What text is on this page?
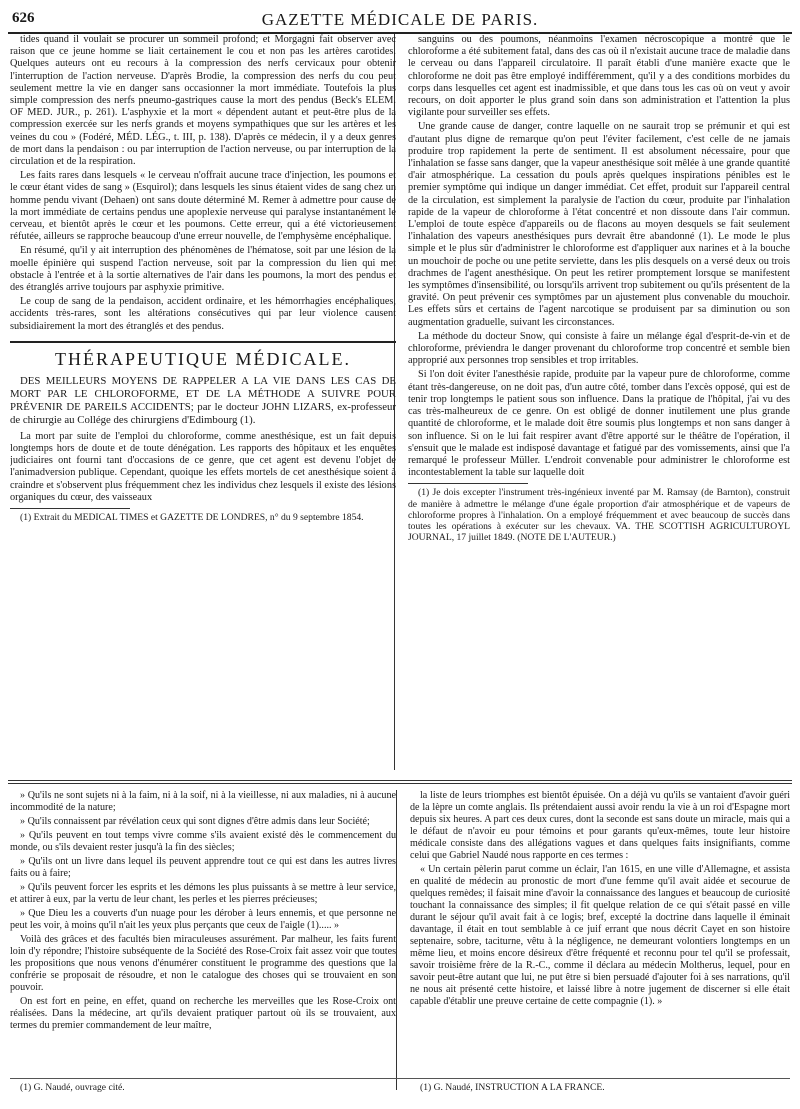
626	GAZETTE MÉDICALE DE PARIS.

tides quand il voulait se procurer un sommeil profond; et Morgagni fait observer avec raison que ce jeune homme se liait certainement le cou et non pas les artères carotides. Quelques auteurs ont eu recours à la compression des nerfs cervicaux pour obtenir l'interruption de l'action nerveuse. D'après Brodie, la compression des nerfs du cou peut seulement mettre la vie en danger sans occasionner la mort immédiate. Toutefois la plus simple compression des nerfs pneumo-gastriques cause la mort des pendus (Beck's ELEM. OF MED. JUR., p. 261). L'asphyxie et la mort « dépendent autant et peut-être plus de la compression exercée sur les nerfs grands et moyens sympathiques que sur les artères et les veines du cou » (Fodéré, MÉD. LÉG., t. III, p. 138). D'après ce médecin, il y a deux genres de mort dans la pendaison : ou par interruption de l'action nerveuse, ou par interruption de la circulation et de la respiration.

Les faits rares dans lesquels « le cerveau n'offrait aucune trace d'injection, les poumons et le cœur étant vides de sang » (Esquirol); dans lesquels les sinus étaient vides de sang chez un homme pendu vivant (Dehaen) ont sans doute déterminé M. Remer à admettre pour cause de la mort immédiate de certains pendus une apoplexie nerveuse qui paralyse instantanément le cerveau, et bientôt après le cœur et les poumons. Cette erreur, qui a été victorieusement réfutée, ailleurs se rapproche beaucoup d'une erreur nouvelle, de l'emphysème encéphalique.

En résumé, qu'il y ait interruption des phénomènes de l'hématose, soit par une lésion de la moelle épinière qui suspend l'action nerveuse, soit par la compression du lien qui met obstacle à l'entrée et à la sortie alternatives de l'air dans les poumons, la mort des pendus et des étranglés arrive toujours par asphyxie primitive.

Le coup de sang de la pendaison, accident ordinaire, et les hémorrhagies encéphaliques, accidents très-rares, sont les altérations consécutives qui par leur violence causent subsidiairement la mort des étranglés et des pendus.

THÉRAPEUTIQUE MÉDICALE.
DES MEILLEURS MOYENS DE RAPPELER A LA VIE DANS LES CAS DE MORT PAR LE CHLOROFORME, ET DE LA MÉTHODE A SUIVRE POUR PRÉVENIR DE PAREILS ACCIDENTS; par le docteur JOHN LIZARS, ex-professeur de chirurgie au Collége des chirurgiens d'Edimbourg (1).

La mort par suite de l'emploi du chloroforme, comme anesthésique, est un fait depuis longtemps hors de doute et de toute dénégation. Les rapports des hôpitaux et les enquêtes judiciaires ont fourni tant d'occasions de ce genre, que cet agent est devenu l'objet de l'animadversion publique. Cependant, quoique les effets mortels de cet anesthésique soient à craindre et s'observent plus fréquemment chez les individus chez lesquels il existe des lésions organiques du cœur, des vaisseaux

(1) Extrait du MEDICAL TIMES et GAZETTE DE LONDRES, n° du 9 septembre 1854.

sanguins ou des poumons, néanmoins l'examen nécroscopique a montré que le chloroforme a été subitement fatal, dans des cas où il n'existait aucune trace de maladie dans le cerveau ou dans l'appareil circulatoire. Il paraît établi d'une manière exacte que le chloroforme ne doit pas être employé indifféremment, qu'il y a des conditions morbides du corps dans lesquelles cet agent est inadmissible, et que dans tous les cas où on veut y avoir recours, on doit apporter le plus grand soin dans son administration et l'attention la plus vigilante pour surveiller ses effets.

Une grande cause de danger, contre laquelle on ne saurait trop se prémunir et qui est d'autant plus digne de remarque qu'on peut l'éviter facilement, c'est celle de ne jamais produire trop rapidement la perte de sentiment. Il est absolument nécessaire, pour que l'inhalation se fasse sans danger, que la vapeur anesthésique soit mêlée à une grande quantité d'air atmosphérique. La cessation du pouls après quelques inspirations pénibles est le premier symptôme qui indique un danger immédiat. Cet effet, produit sur l'appareil central de la circulation, est simplement la paralysie de l'action du cœur, produite par l'inhalation rapide de la vapeur de chloroforme à l'état concentré et non dissoute dans l'air commun. L'emploi de toute espèce d'appareils ou de flacons au moyen desquels se fait seulement l'inhalation des vapeurs anesthésiques purs devrait être abandonné (1). Le mode le plus simple et le plus sûr d'administrer le chloroforme est d'appliquer aux narines et à la bouche un mouchoir de poche ou une petite serviette, dans les plis desquels on a versé deux ou trois drachmes de l'agent anesthésique. On peut les retirer promptement lorsque se manifestent les symptômes d'insensibilité, ou lorsqu'ils arrivent trop subitement ou qu'ils présentent de la gravité. On peut prévenir ces symptômes par un ajustement plus convenable du mouchoir. Les effets sûrs et certains de l'agent narcotique se produisent par sa diminution ou son augmentation graduelle, suivant les circonstances.

La méthode du docteur Snow, qui consiste à faire un mélange égal d'esprit-de-vin et de chloroforme, préviendra le danger provenant du chloroforme trop concentré et semble bien approprié aux personnes trop sensibles et trop irritables.

Si l'on doit éviter l'anesthésie rapide, produite par la vapeur pure de chloroforme, comme étant très-dangereuse, on ne doit pas, d'un autre côté, tomber dans l'excès opposé, qui est de tenir trop longtemps le patient sous son influence. Dans la pratique de l'hôpital, j'ai vu des cas très-malheureux de ce genre. On est obligé de donner inutilement une plus grande quantité de chloroforme, et le malade doit être soumis plus longtemps et non sans danger à son influence. Si on le lui fait respirer avant d'être apporté sur le théâtre de l'opération, il s'ensuit que le malade est indisposé davantage et fatigué par des vomissements, ainsi que l'a remarqué le professeur Müller. L'endroit convenable pour administrer le chloroforme est incontestablement la table sur laquelle doit

(1) Je dois excepter l'instrument très-ingénieux inventé par M. Ramsay (de Barnton), construit de manière à admettre le mélange d'une égale proportion d'air atmosphérique et de vapeurs de chloroforme propres à l'inhalation. On a employé fréquemment et avec beaucoup de succès dans toutes les opérations à exécuter sur les chevaux. VA. THE SCOTTISH AGRICULTUROYL JOURNAL, 17 juillet 1849. (NOTE DE L'AUTEUR.)

» Qu'ils ne sont sujets ni à la faim, ni à la soif, ni à la vieillesse, ni aux maladies, ni à aucune incommodité de la nature;

» Qu'ils connaissent par révélation ceux qui sont dignes d'être admis dans leur Société;

» Qu'ils peuvent en tout temps vivre comme s'ils avaient existé dès le commencement du monde, ou s'ils devaient rester jusqu'à la fin des siècles;

» Qu'ils ont un livre dans lequel ils peuvent apprendre tout ce qui est dans les autres livres faits ou à faire;

» Qu'ils peuvent forcer les esprits et les démons les plus puissants à se mettre à leur service, et attirer à eux, par la vertu de leur chant, les perles et les pierres précieuses;

» Que Dieu les a couverts d'un nuage pour les dérober à leurs ennemis, et que personne ne peut les voir, à moins qu'il n'ait les yeux plus perçants que ceux de l'aigle (1)..... »

Voilà des grâces et des facultés bien miraculeuses assurément. Par malheur, les faits furent loin d'y répondre; l'histoire subséquente de la Société des Rose-Croix fait assez voir que toutes les propositions que nous venons d'énumérer constituent le programme des questions que la confrérie se proposait de résoudre, et non le catalogue des choses qui se trouvaient en son pouvoir.

On est fort en peine, en effet, quand on recherche les merveilles que les Rose-Croix ont réalisées. Dans la médecine, art qu'ils devaient pratiquer partout où ils se trouvaient, aux termes du premier commandement de leur maître,

la liste de leurs triomphes est bientôt épuisée. On a déjà vu qu'ils se vantaient d'avoir guéri de la lèpre un comte anglais. Ils prétendaient aussi avoir rendu la vie à un roi d'Espagne mort depuis six heures. A part ces deux cures, dont la seconde est sans doute un miracle, mais qui a le défaut de n'avoir eu pour témoins et pour garants qu'eux-mêmes, toute leur histoire médicale consiste dans des allégations vagues et dans quelques faits insignifiants, comme celui que Gabriel Naudé nous rapporte en ces termes :

« Un certain pèlerin parut comme un éclair, l'an 1615, en une ville d'Allemagne, et assista en qualité de médecin au pronostic de mort d'une femme qu'il avait aidée et secourue de quelques remèdes; il faisait mine d'avoir la connaissance des langues et beaucoup de curiosité touchant la connaissance des simples; il fit quelque relation de ce qui s'était passé en ville durant le séjour qu'il avait fait à ce logis; bref, excepté la doctrine dans laquelle il éminait davantage, il était en tout semblable à ce juif errant que nous décrit Cayet en son histoire septenaire, sobre, taciturne, vêtu à la négligence, ne demeurant volontiers longtemps en un même lieu, et moins encore désireux d'être fréquenté et reconnu pour tel qu'il se professait, savoir troisième frère de la R.-C., comme il déclara au médecin Moltherus, lequel, pour en savoir peut-être autant que lui, ne put être si bien persuadé d'ajouter foi à ses narrations, qu'il ne nous ait présenté cette histoire, et laissé libre à notre jugement de discerner si elle était capable d'établir une preuve certaine de cette compagnie (1). »

(1) G. Naudé, ouvrage cité.	(1) G. Naudé, INSTRUCTION A LA FRANCE.
